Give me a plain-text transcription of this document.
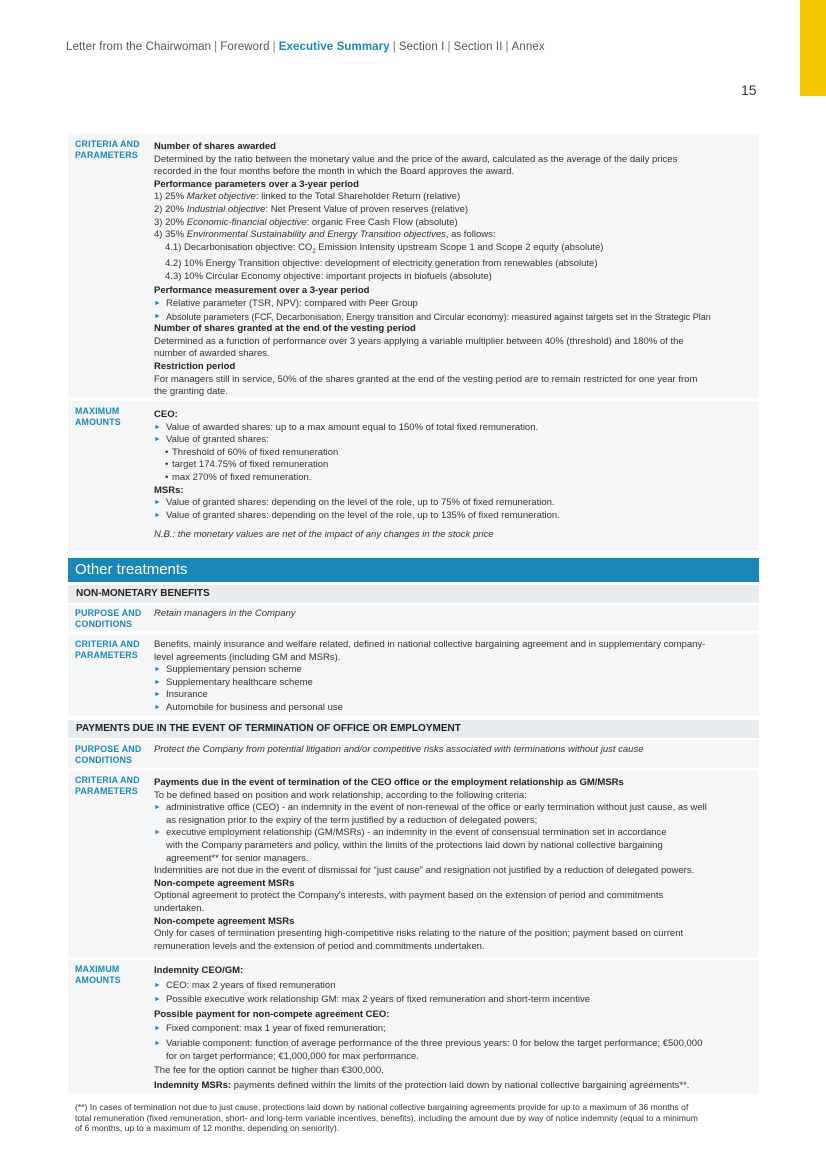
Letter from the Chairwoman | Foreword | Executive Summary | Section I | Section II | Annex
15
CRITERIA AND PARAMETERS

Number of shares awarded

Determined by the ratio between the monetary value and the price of the award, calculated as the average of the daily prices

recorded in the four months before the month in which the Board approves the award.

Performance parameters over a 3-year period

1) 25% Market objective: linked to the Total Shareholder Return (relative)

2) 20% Industrial objective: Net Present Value of proven reserves (relative)

3) 20% Economic-financial objective: organic Free Cash Flow (absolute)

4) 35% Environmental Sustainability and Energy Transition objectives, as follows:

4.1) Decarbonisation objective: $CO_2$ Emission Intensity upstream Scope 1 and Scope 2 equity (absolute)

4.2) 10% Energy Transition objective: development of electricity generation from renewables (absolute)

4.3) 10% Circular Economy objective: important projects in biofuels (absolute)

Performance measurement over a 3-year period

► Relative parameter (TSR, NPV): compared with Peer Group

► Absolute parameters (FCF, Decarbonisation, Energy transition and Circular economy): measured against targets set in the Strategic Plan

Number of shares granted at the end of the vesting period

Determined as a function of performance over 3 years applying a variable multiplier between 40% (threshold) and 180% of the

number of awarded shares.

Restriction period

For managers still in service, 50% of the shares granted at the end of the vesting period are to remain restricted for one year from

the granting date.

MAXIMUM AMOUNTS

CEO:

► Value of awarded shares: up to a max amount equal to 150% of total fixed remuneration.

► Value of granted shares:

• Threshold of 60% of fixed remuneration

• target 174.75% of fixed remuneration

• max 270% of fixed remuneration.

MSRs:

► Value of granted shares: depending on the level of the role, up to 75% of fixed remuneration.

► Value of granted shares: depending on the level of the role, up to 135% of fixed remuneration.

N.B.: the monetary values are net of the impact of any changes in the stock price

Other treatments
NON-MONETARY BENEFITS
PURPOSE AND CONDITIONS

Retain managers in the Company

CRITERIA AND PARAMETERS

Benefits, mainly insurance and welfare related, defined in national collective bargaining agreement and in supplementary company-

level agreements (including GM and MSRs).

► Supplementary pension scheme

► Supplementary healthcare scheme

► Insurance

► Automobile for business and personal use

PAYMENTS DUE IN THE EVENT OF TERMINATION OF OFFICE OR EMPLOYMENT
PURPOSE AND CONDITIONS

Protect the Company from potential litigation and/or competitive risks associated with terminations without just cause

CRITERIA AND PARAMETERS

Payments due in the event of termination of the CEO office or the employment relationship as GM/MSRs

To be defined based on position and work relationship, according to the following criteria:

► administrative office (CEO) - an indemnity in the event of non-renewal of the office or early termination without just cause, as well

as resignation prior to the expiry of the term justified by a reduction of delegated powers;

► executive employment relationship (GM/MSRs) - an indemnity in the event of consensual termination set in accordance

with the Company parameters and policy, within the limits of the protections laid down by national collective bargaining

agreement** for senior managers.

Indemnities are not due in the event of dismissal for “just cause” and resignation not justified by a reduction of delegated powers.

Non-compete agreement MSRs

Optional agreement to protect the Company's interests, with payment based on the extension of period and commitments

undertaken.

Non-compete agreement MSRs

Only for cases of termination presenting high-competitive risks relating to the nature of the position; payment based on current

remuneration levels and the extension of period and commitments undertaken.

MAXIMUM AMOUNTS

Indemnity CEO/GM:

► CEO: max 2 years of fixed remuneration

► Possible executive work relationship GM: max 2 years of fixed remuneration and short-term incentive

Possible payment for non-compete agreement CEO:

► Fixed component: max 1 year of fixed remuneration;

► Variable component: function of average performance of the three previous years: 0 for below the target performance; €500,000

for on target performance; €1,000,000 for max performance.

The fee for the option cannot be higher than €300,000.

Indemnity MSRs: payments defined within the limits of the protection laid down by national collective bargaining agreements**.

(**) In cases of termination not due to just cause, protections laid down by national collective bargaining agreements provide for up to a maximum of 36 months of

total remuneration (fixed remuneration, short- and long-term variable incentives, benefits), including the amount due by way of notice indemnity (equal to a minimum

of 6 months, up to a maximum of 12 months, depending on seniority).
